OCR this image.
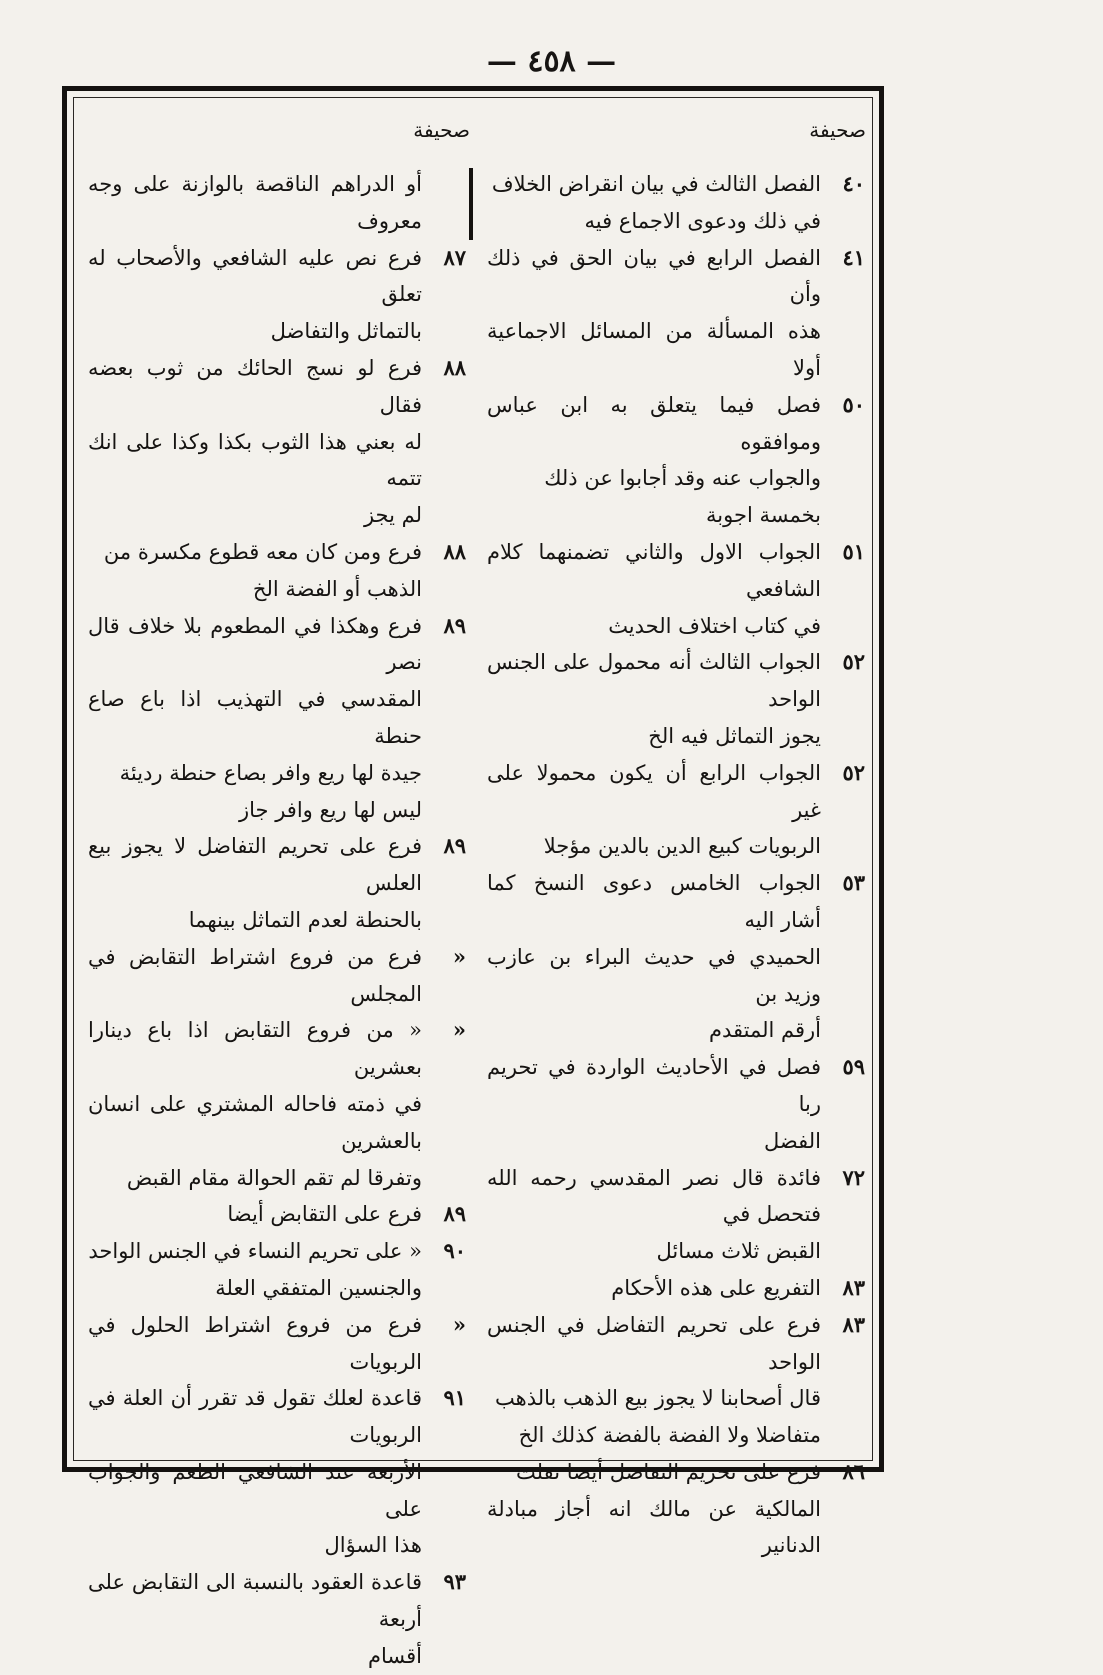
— ٤٥٨ —
صحيفة
صحيفة
٤٠
الفصل الثالث في بيان انقراض الخلاف
في ذلك ودعوى الاجماع فيه
٤١
الفصل الرابع في بيان الحق في ذلك وأن
هذه المسألة من المسائل الاجماعية أولا
٥٠
فصل فيما يتعلق به ابن عباس وموافقوه
والجواب عنه وقد أجابوا عن ذلك
بخمسة اجوبة
٥١
الجواب الاول والثاني تضمنهما كلام الشافعي
في كتاب اختلاف الحديث
٥٢
الجواب الثالث أنه محمول على الجنس الواحد
يجوز التماثل فيه الخ
٥٢
الجواب الرابع أن يكون محمولا على غير
الربويات كبيع الدين بالدين مؤجلا
٥٣
الجواب الخامس دعوى النسخ كما أشار اليه
الحميدي في حديث البراء بن عازب وزيد بن
أرقم المتقدم
٥٩
فصل في الأحاديث الواردة في تحريم ربا
الفضل
٧٢
فائدة قال نصر المقدسي رحمه الله فتحصل في
القبض ثلاث مسائل
٨٣
التفريع على هذه الأحكام
٨٣
فرع على تحريم التفاضل في الجنس الواحد
قال أصحابنا لا يجوز بيع الذهب بالذهب
متفاضلا ولا الفضة بالفضة كذلك الخ
٨٦
فرع على تحريم التفاضل أيضا نقلت
المالكية عن مالك انه أجاز مبادلة الدنانير
أو الدراهم الناقصة بالوازنة على وجه معروف
٨٧
فرع نص عليه الشافعي والأصحاب له تعلق
بالتماثل والتفاضل
٨٨
فرع لو نسج الحائك من ثوب بعضه فقال
له بعني هذا الثوب بكذا وكذا على انك تتمه
لم يجز
٨٨
فرع ومن كان معه قطوع مكسرة من
الذهب أو الفضة الخ
٨٩
فرع وهكذا في المطعوم بلا خلاف قال نصر
المقدسي في التهذيب اذا باع صاع حنطة
جيدة لها ريع وافر بصاع حنطة رديئة
ليس لها ريع وافر جاز
٨٩
فرع على تحريم التفاضل لا يجوز بيع العلس
بالحنطة لعدم التماثل بينهما
«
فرع من فروع اشتراط التقابض في المجلس
«
« من فروع التقابض اذا باع دينارا بعشرين
في ذمته فاحاله المشتري على انسان بالعشرين
وتفرقا لم تقم الحوالة مقام القبض
٨٩
فرع على التقابض أيضا
٩٠
« على تحريم النساء في الجنس الواحد
والجنسين المتفقي العلة
«
فرع من فروع اشتراط الحلول في الربويات
٩١
قاعدة لعلك تقول قد تقرر أن العلة في الربويات
الأربعة عند الشافعي الطعم والجواب على
هذا السؤال
٩٣
قاعدة العقود بالنسبة الى التقابض على أربعة
أقسام
